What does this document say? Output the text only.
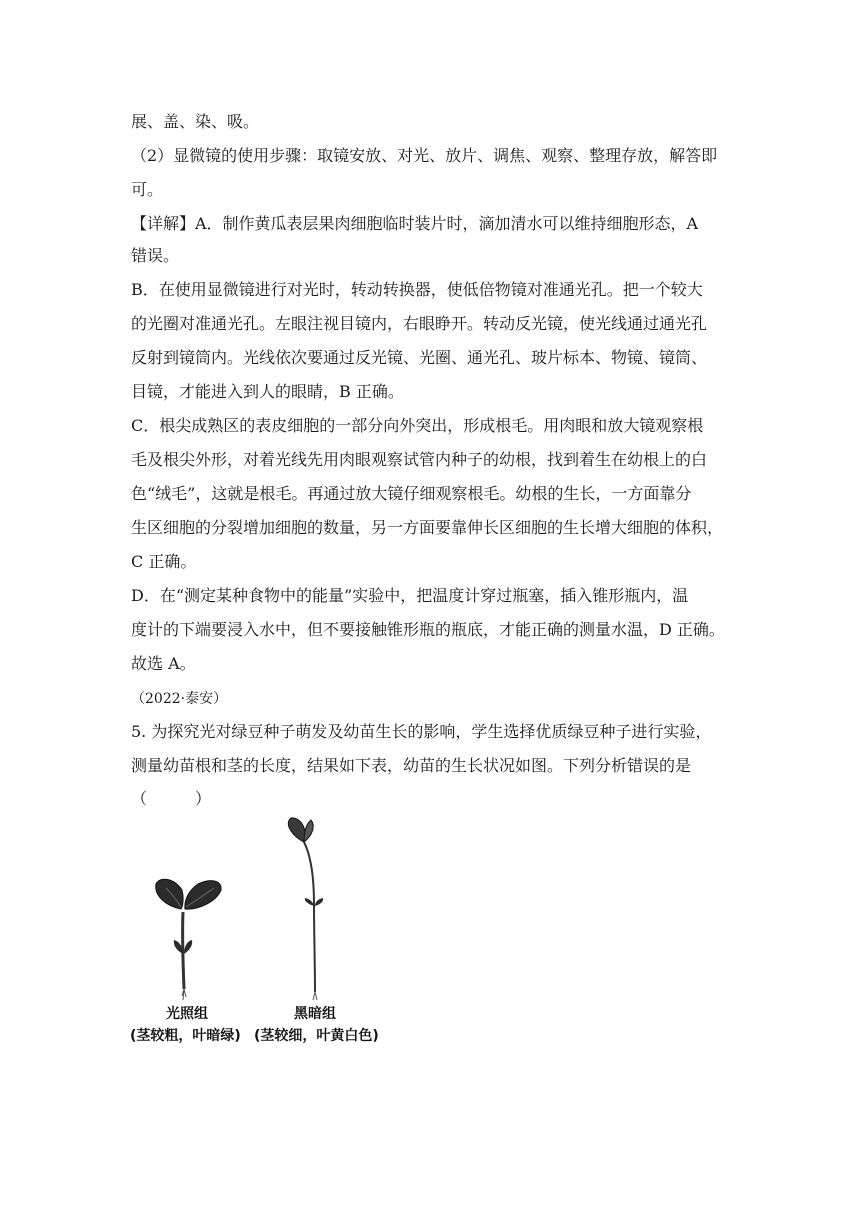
展、盖、染、吸。
（2）显微镜的使用步骤：取镜安放、对光、放片、调焦、观察、整理存放，解答即
可。
【详解】A．制作黄瓜表层果肉细胞临时装片时，滴加清水可以维持细胞形态，A
错误。
B．在使用显微镜进行对光时，转动转换器，使低倍物镜对准通光孔。把一个较大
的光圈对准通光孔。左眼注视目镜内，右眼睁开。转动反光镜，使光线通过通光孔
反射到镜筒内。光线依次要通过反光镜、光圈、通光孔、玻片标本、物镜、镜筒、
目镜，才能进入到人的眼睛，B 正确。
C．根尖成熟区的表皮细胞的一部分向外突出，形成根毛。用肉眼和放大镜观察根
毛及根尖外形，对着光线先用肉眼观察试管内种子的幼根，找到着生在幼根上的白
色“绒毛”，这就是根毛。再通过放大镜仔细观察根毛。幼根的生长，一方面靠分
生区细胞的分裂增加细胞的数量，另一方面要靠伸长区细胞的生长增大细胞的体积，
C 正确。
D．在“测定某种食物中的能量”实验中，把温度计穿过瓶塞，插入锥形瓶内，温
度计的下端要浸入水中，但不要接触锥形瓶的瓶底，才能正确的测量水温，D 正确。
故选 A。
（2022·泰安）
5. 为探究光对绿豆种子萌发及幼苗生长的影响，学生选择优质绿豆种子进行实验，
测量幼苗根和茎的长度，结果如下表，幼苗的生长状况如图。下列分析错误的是
（　　　）
光照组
(茎较粗，叶暗绿)
黑暗组
(茎较细，叶黄白色)
